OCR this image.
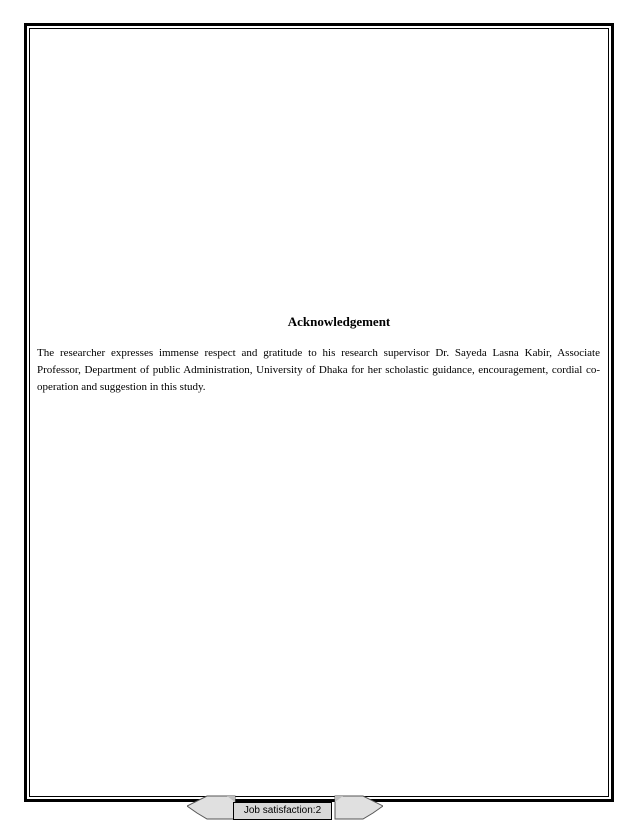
Acknowledgement
The researcher expresses immense respect and gratitude to his research supervisor Dr. Sayeda Lasna Kabir, Associate Professor, Department of public Administration, University of Dhaka for her scholastic guidance, encouragement, cordial co-operation and suggestion in this study.
Job satisfaction:2
